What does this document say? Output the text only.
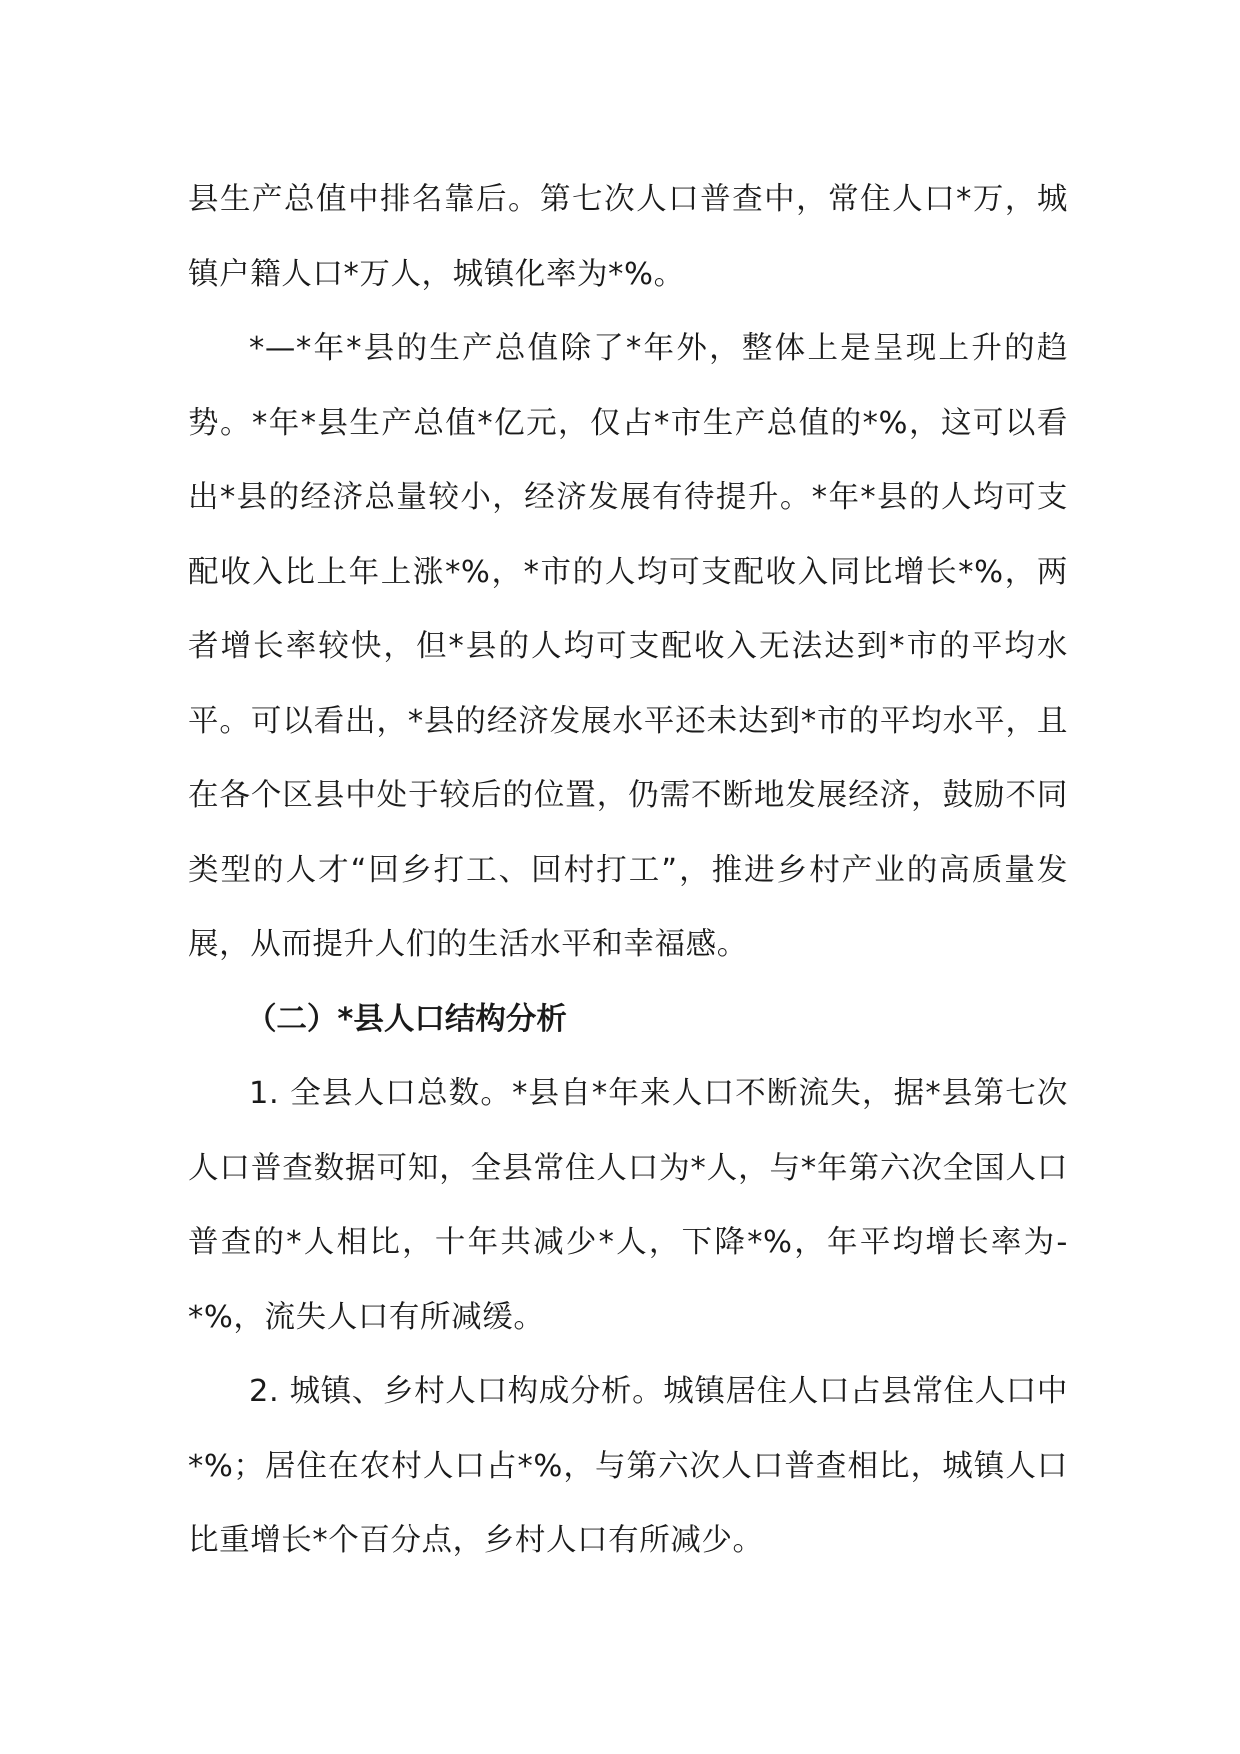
县生产总值中排名靠后。第七次人口普查中，常住人口*万，城镇户籍人口*万人，城镇化率为*%。

*—*年*县的生产总值除了*年外，整体上是呈现上升的趋势。*年*县生产总值*亿元，仅占*市生产总值的*%，这可以看出*县的经济总量较小，经济发展有待提升。*年*县的人均可支配收入比上年上涨*%，*市的人均可支配收入同比增长*%，两者增长率较快，但*县的人均可支配收入无法达到*市的平均水平。可以看出，*县的经济发展水平还未达到*市的平均水平，且在各个区县中处于较后的位置，仍需不断地发展经济，鼓励不同类型的人才“回乡打工、回村打工”，推进乡村产业的高质量发展，从而提升人们的生活水平和幸福感。

（二）*县人口结构分析

1. 全县人口总数。*县自*年来人口不断流失，据*县第七次人口普查数据可知，全县常住人口为*人，与*年第六次全国人口普查的*人相比，十年共减少*人，下降*%，年平均增长率为-*%，流失人口有所减缓。

2. 城镇、乡村人口构成分析。城镇居住人口占县常住人口中*%；居住在农村人口占*%，与第六次人口普查相比，城镇人口比重增长*个百分点，乡村人口有所减少。
